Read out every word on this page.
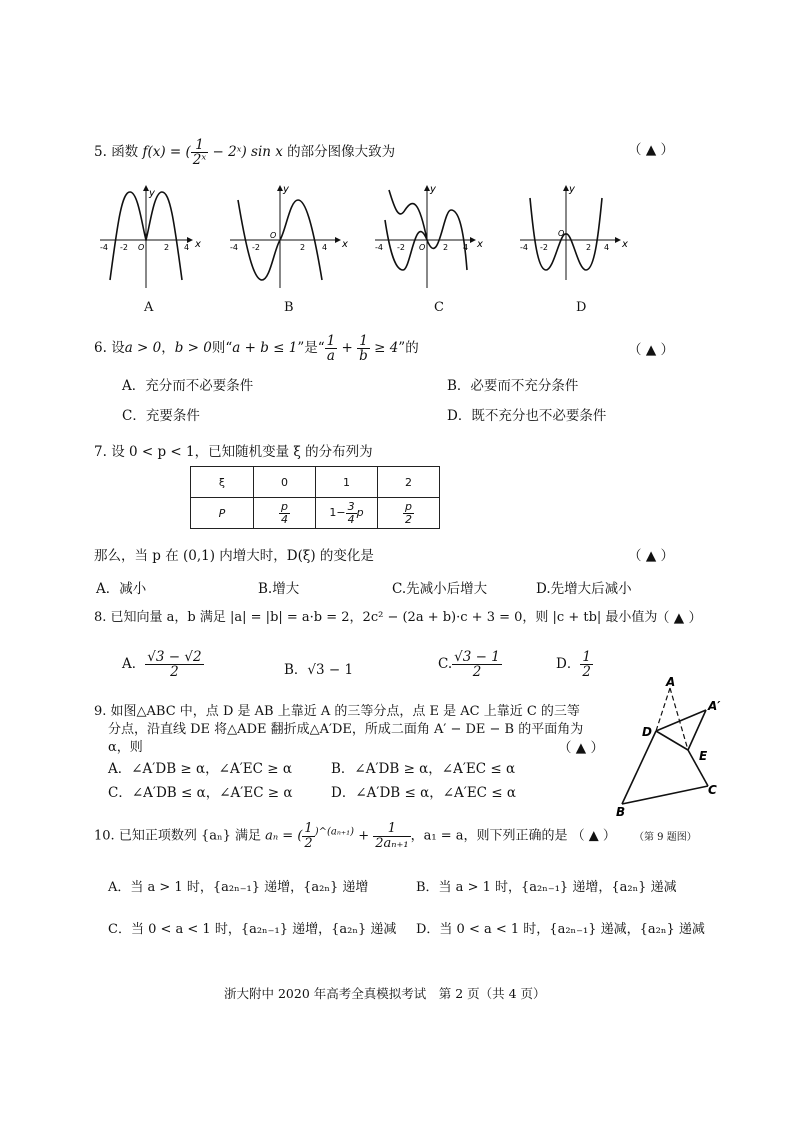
5. 函数 f(x) = ( $\frac{1}{\text{2ˣ}}$ − 2ˣ) sin x 的部分图像大致为	（ ▲ ）
y
x
O
-4 -2	2 4
y
x
O
-4 -2	2 4
y
x
O
-4 -2	2 4
y
x
O
-4 -2	2 4
A	B	C	D
6. 设a > 0，b > 0则“a + b ≤ 1”是“ $\frac{1}{a} + \frac{1}{b} \ge 4$”的	（ ▲ ）
A．充分而不必要条件	B．必要而不充分条件
C．充要条件	D．既不充分也不必要条件
7. 设 0 < p < 1，已知随机变量 ξ 的分布列为
ξ	0	1	2
P	$\frac{p}{4}$	$1- \frac{3}{4}$ p	$\frac{p}{2}$
那么，当 p 在 (0,1) 内增大时，D(ξ) 的变化是	（ ▲ ）
A．减小	B.增大	C.先减小后增大	D.先增大后减小
8. 已知向量 a，b 满足 |a| = |b| = a·b = 2，2c² − (2a + b)·c + 3 = 0，则 |c + tb| 最小值为
（ ▲ ）
A． $\frac{√3 - √2}{2}$	B．√3 − 1	C. $\frac{√3 - 1}{2}$	D． $\frac{1}{2}$
9. 如图△ABC 中，点 D 是 AB 上靠近 A 的三等分点，点 E 是 AC 上靠近 C 的三等
分点，沿直线 DE 将△ADE 翻折成△A′DE，所成二面角 A′ − DE − B 的平面角为
α，则	（ ▲ ）
A．∠A′DB ≥ α，∠A′EC ≥ α	B．∠A′DB ≥ α，∠A′EC ≤ α
C．∠A′DB ≤ α，∠A′EC ≥ α	D．∠A′DB ≤ α，∠A′EC ≤ α
A
A′
D
E
B
C
（第 9 题图）
10. 已知正项数列 {aₙ} 满足 aₙ = ( $\frac{1}{2} ^{)\^{}(a_{n+1})} + \frac{1}{\text{2aₙ₊₁}}$ ，a₁ = a，则下列正确的是 （ ▲ ）
A．当 a > 1 时，{a₂ₙ₋₁} 递增，{a₂ₙ} 递增	B．当 a > 1 时，{a₂ₙ₋₁} 递增，{a₂ₙ} 递减
C．当 0 < a < 1 时，{a₂ₙ₋₁} 递增，{a₂ₙ} 递减 D．当 0 < a < 1 时，{a₂ₙ₋₁} 递减，{a₂ₙ} 递减
浙大附中 2020 年高考全真模拟考试　第 2 页（共 4 页）
